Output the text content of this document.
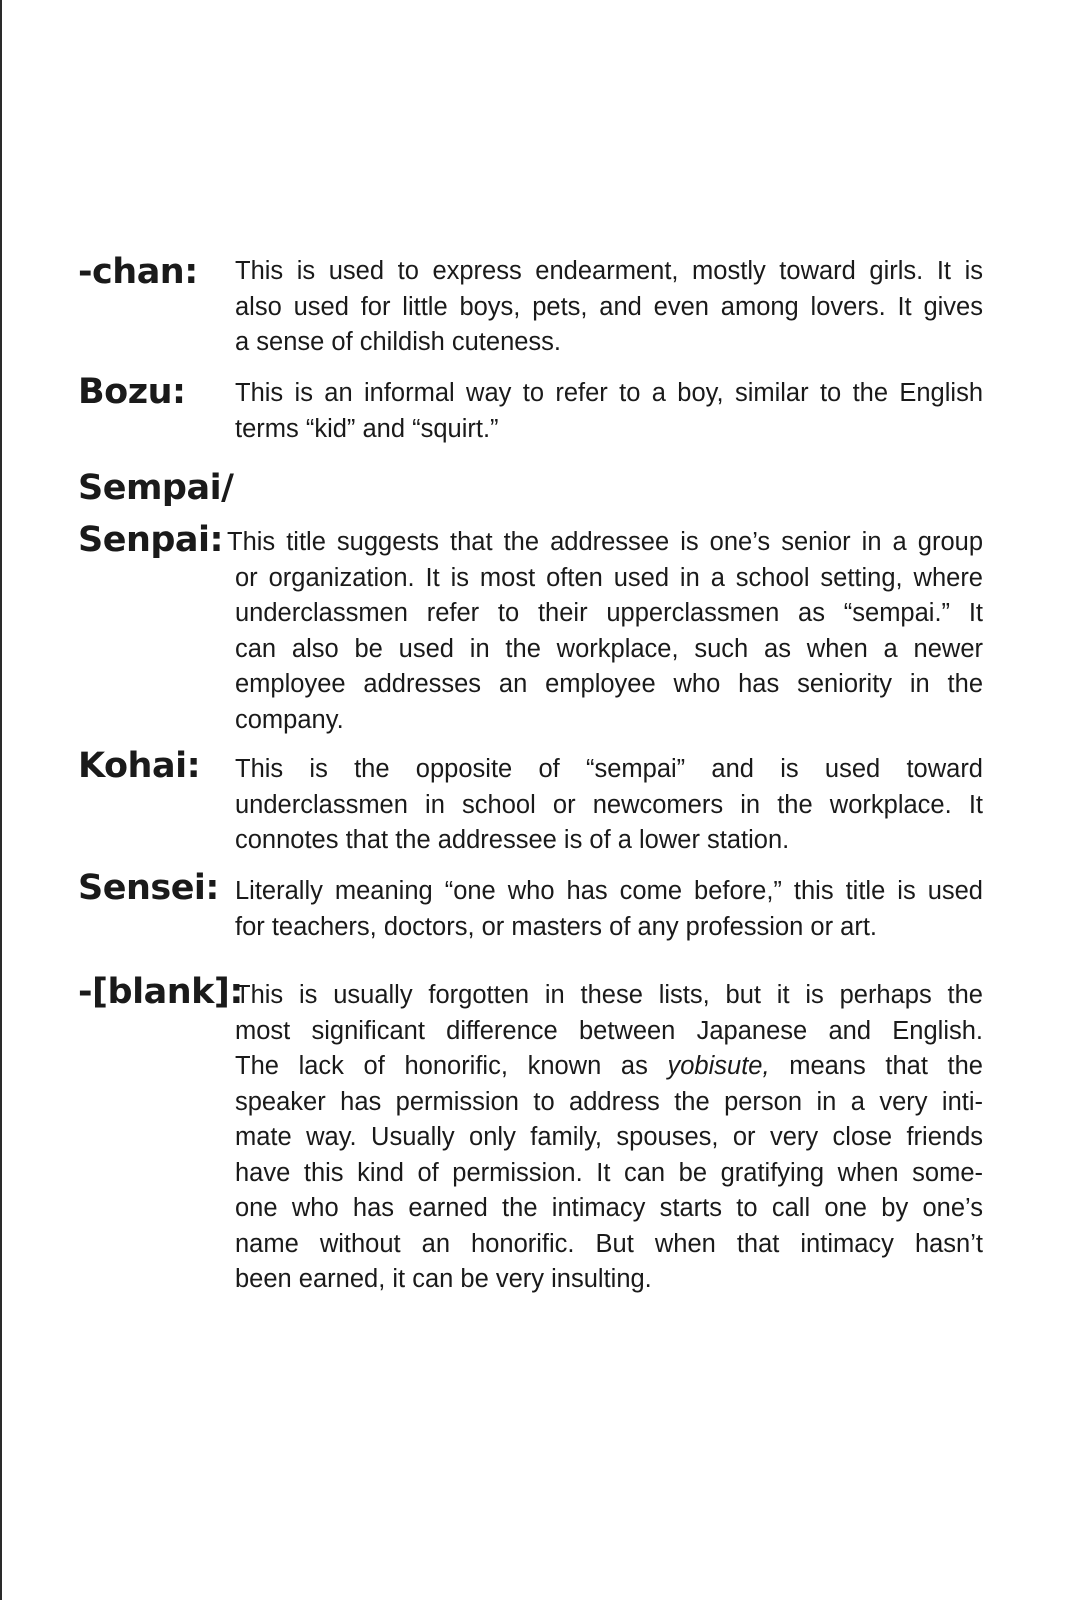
-chan: This is used to express endearment, mostly toward girls. It is
also used for little boys, pets, and even among lovers. It gives
a sense of childish cuteness.
Bozu: This is an informal way to refer to a boy, similar to the English
terms “kid” and “squirt.”
Sempai/
Senpai: This title suggests that the addressee is one’s senior in a group
or organization. It is most often used in a school setting, where
underclassmen refer to their upperclassmen as “sempai.” It
can also be used in the workplace, such as when a newer
employee addresses an employee who has seniority in the
company.
Kohai: This is the opposite of “sempai” and is used toward
underclassmen in school or newcomers in the workplace. It
connotes that the addressee is of a lower station.
Sensei: Literally meaning “one who has come before,” this title is used
for teachers, doctors, or masters of any profession or art.
-[blank]:
This is usually forgotten in these lists, but it is perhaps the
most significant difference between Japanese and English.
The lack of honorific, known as yobisute, means that the
speaker has permission to address the person in a very inti-
mate way. Usually only family, spouses, or very close friends
have this kind of permission. It can be gratifying when some-
one who has earned the intimacy starts to call one by one’s
name without an honorific. But when that intimacy hasn’t
been earned, it can be very insulting.
